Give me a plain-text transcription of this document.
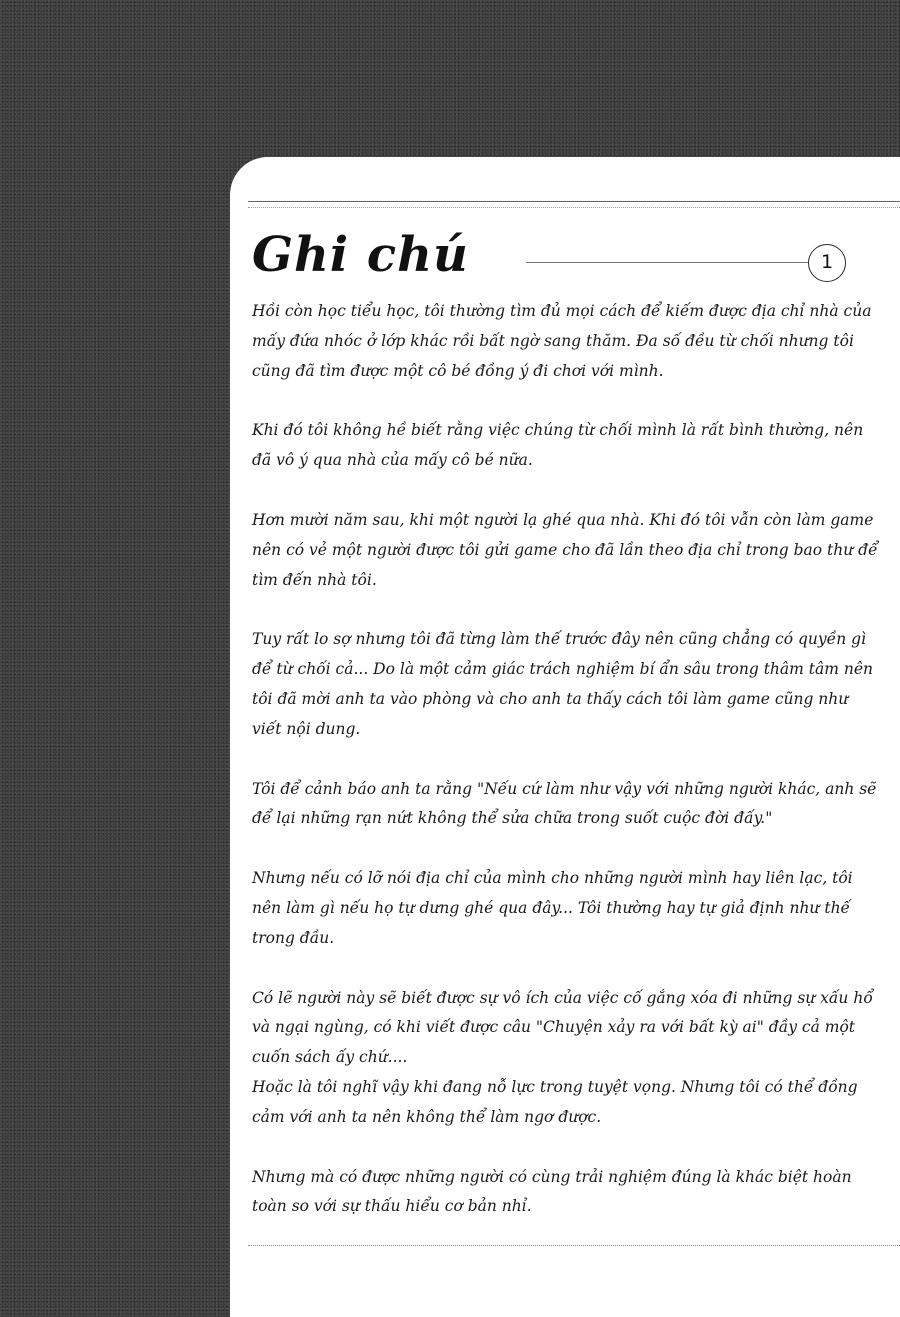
Ghi chú	1

Hồi còn học tiểu học, tôi thường tìm đủ mọi cách để kiếm được địa chỉ nhà của mấy đứa nhóc ở lớp khác rồi bất ngờ sang thăm. Đa số đều từ chối nhưng tôi cũng đã tìm được một cô bé đồng ý đi chơi với mình.

Khi đó tôi không hề biết rằng việc chúng từ chối mình là rất bình thường, nên đã vô ý qua nhà của mấy cô bé nữa.

Hơn mười năm sau, khi một người lạ ghé qua nhà. Khi đó tôi vẫn còn làm game nên có vẻ một người được tôi gửi game cho đã lần theo địa chỉ trong bao thư để tìm đến nhà tôi.

Tuy rất lo sợ nhưng tôi đã từng làm thế trước đây nên cũng chẳng có quyền gì để từ chối cả... Do là một cảm giác trách nghiệm bí ẩn sâu trong thâm tâm nên tôi đã mời anh ta vào phòng và cho anh ta thấy cách tôi làm game cũng như viết nội dung.

Tôi để cảnh báo anh ta rằng "Nếu cứ làm như vậy với những người khác, anh sẽ để lại những rạn nứt không thể sửa chữa trong suốt cuộc đời đấy."

Nhưng nếu có lỡ nói địa chỉ của mình cho những người mình hay liên lạc, tôi nên làm gì nếu họ tự dưng ghé qua đây... Tôi thường hay tự giả định như thế trong đầu.

Có lẽ người này sẽ biết được sự vô ích của việc cố gắng xóa đi những sự xấu hổ và ngại ngùng, có khi viết được câu "Chuyện xảy ra với bất kỳ ai" đầy cả một cuốn sách ấy chứ....
Hoặc là tôi nghĩ vậy khi đang nỗ lực trong tuyệt vọng. Nhưng tôi có thể đồng cảm với anh ta nên không thể làm ngơ được.

Nhưng mà có được những người có cùng trải nghiệm đúng là khác biệt hoàn toàn so với sự thấu hiểu cơ bản nhỉ.
